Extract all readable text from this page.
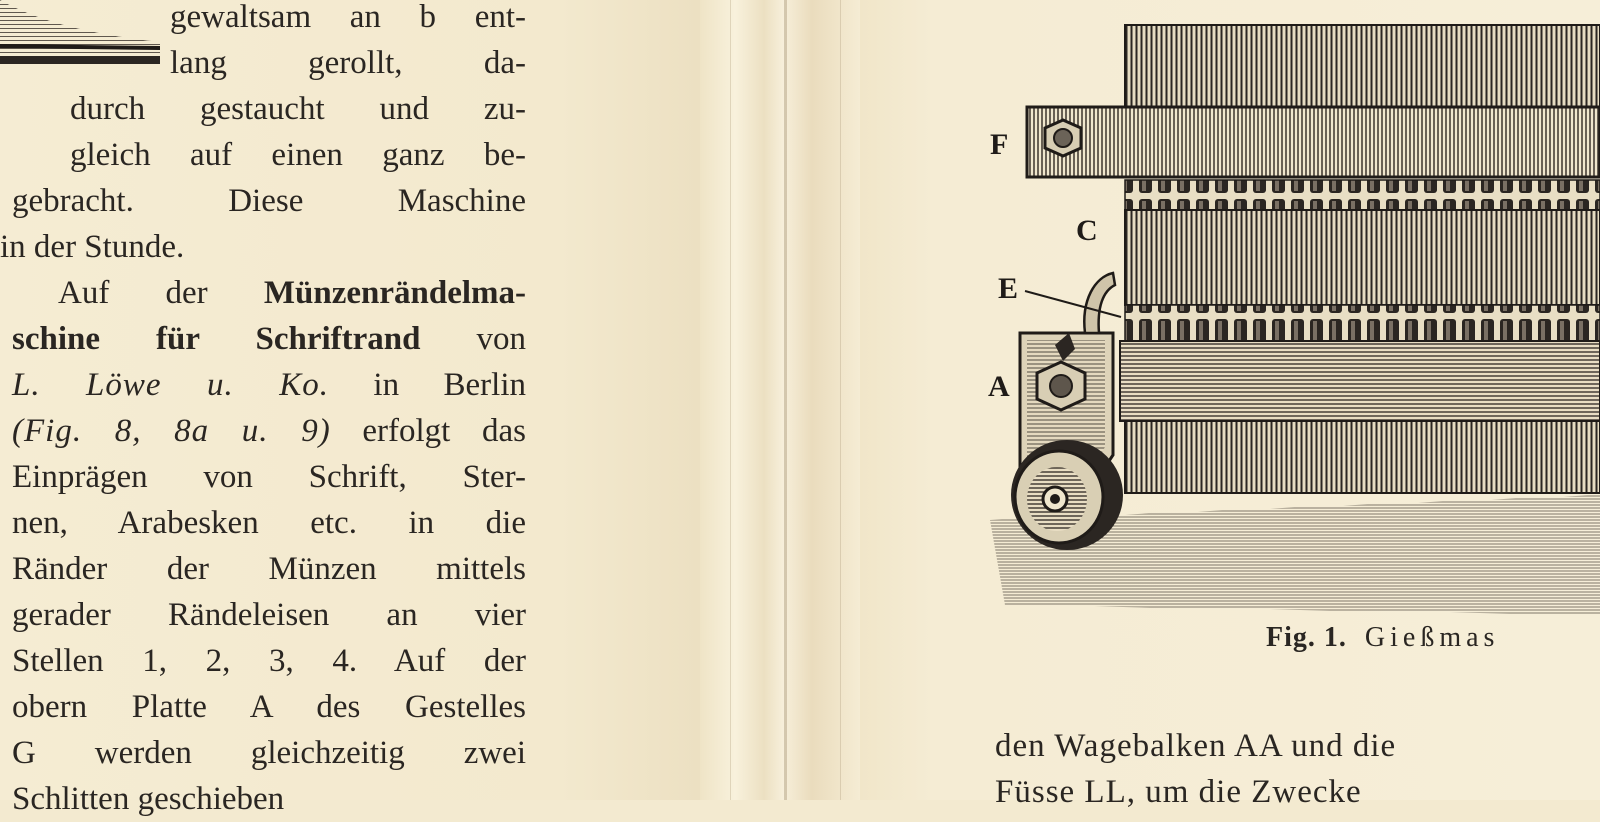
gewaltsam an b ent-
lang gerollt, da-
durch gestaucht und zu-
gleich auf einen ganz be-
gebracht. Diese Maschine
in der Stunde.
Auf der Münzenrändelma-
schine für Schriftrand von
L. Löwe u. Ko. in Berlin
(Fig. 8, 8a u. 9) erfolgt das
Einprägen von Schrift, Ster-
nen, Arabesken etc. in die
Ränder der Münzen mittels
gerader Rändeleisen an vier
Stellen 1, 2, 3, 4. Auf der
obern Platte A des Gestelles
G werden gleichzeitig zwei
Schlitten geschieben
F
C
E
A
Fig. 1. Gießmas
den Wagebalken AA und die
Füsse LL, um die Zwecke
